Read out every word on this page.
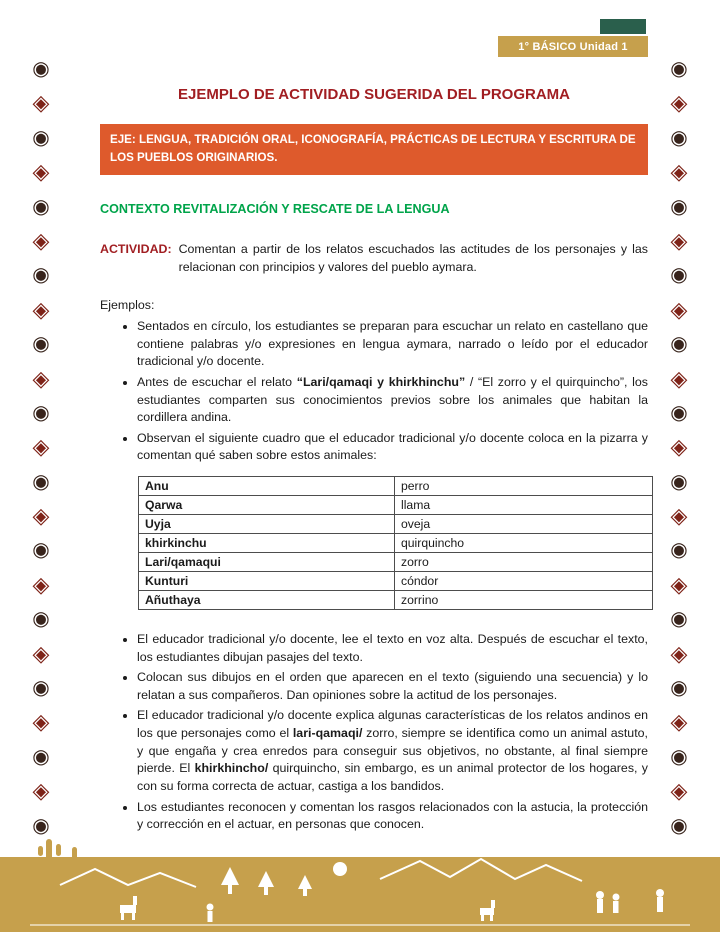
◉
◈
◉
◈
◉
◈
◉
◈
◉
◈
◉
◈
◉
◈
◉
◈
◉
◈
◉
◈
◉
◈
◉
◉
◈
◉
◈
◉
◈
◉
◈
◉
◈
◉
◈
◉
◈
◉
◈
◉
◈
◉
◈
◉
◈
◉
1° BÁSICO Unidad 1
EJEMPLO DE ACTIVIDAD SUGERIDA DEL PROGRAMA
EJE: LENGUA, TRADICIÓN ORAL, ICONOGRAFÍA, PRÁCTICAS DE LECTURA Y ESCRITURA DE LOS PUEBLOS ORIGINARIOS.
CONTEXTO REVITALIZACIÓN Y RESCATE DE LA LENGUA

ACTIVIDAD: Comentan a partir de los relatos escuchados las actitudes de los personajes y las relacionan con principios y valores del pueblo aymara.

Ejemplos:

• Sentados en círculo, los estudiantes se preparan para escuchar un relato en castellano que contiene palabras y/o expresiones en lengua aymara, narrado o leído por el educador tradicional y/o docente.
• Antes de escuchar el relato “Lari/qamaqi y khirkhinchu” / “El zorro y el quirquincho”, los estudiantes comparten sus conocimientos previos sobre los animales que habitan la cordillera andina.
• Observan el siguiente cuadro que el educador tradicional y/o docente coloca en la pizarra y comentan qué saben sobre estos animales:
Anu	perro
Qarwa	llama
Uyja	oveja
khirkinchu	quirquincho
Lari/qamaqui	zorro
Kunturi	cóndor
Añuthaya	zorrino
• El educador tradicional y/o docente, lee el texto en voz alta. Después de escuchar el texto, los estudiantes dibujan pasajes del texto.
• Colocan sus dibujos en el orden que aparecen en el texto (siguiendo una secuencia) y lo relatan a sus compañeros. Dan opiniones sobre la actitud de los personajes.
• El educador tradicional y/o docente explica algunas características de los relatos andinos en los que personajes como el lari-qamaqi/ zorro, siempre se identifica como un animal astuto, y que engaña y crea enredos para conseguir sus objetivos, no obstante, al final siempre pierde. El khirkhincho/ quirquincho, sin embargo, es un animal protector de los hogares, y con su forma correcta de actuar, castiga a los bandidos.
• Los estudiantes reconocen y comentan los rasgos relacionados con la astucia, la protección y corrección en el actuar, en personas que conocen.
